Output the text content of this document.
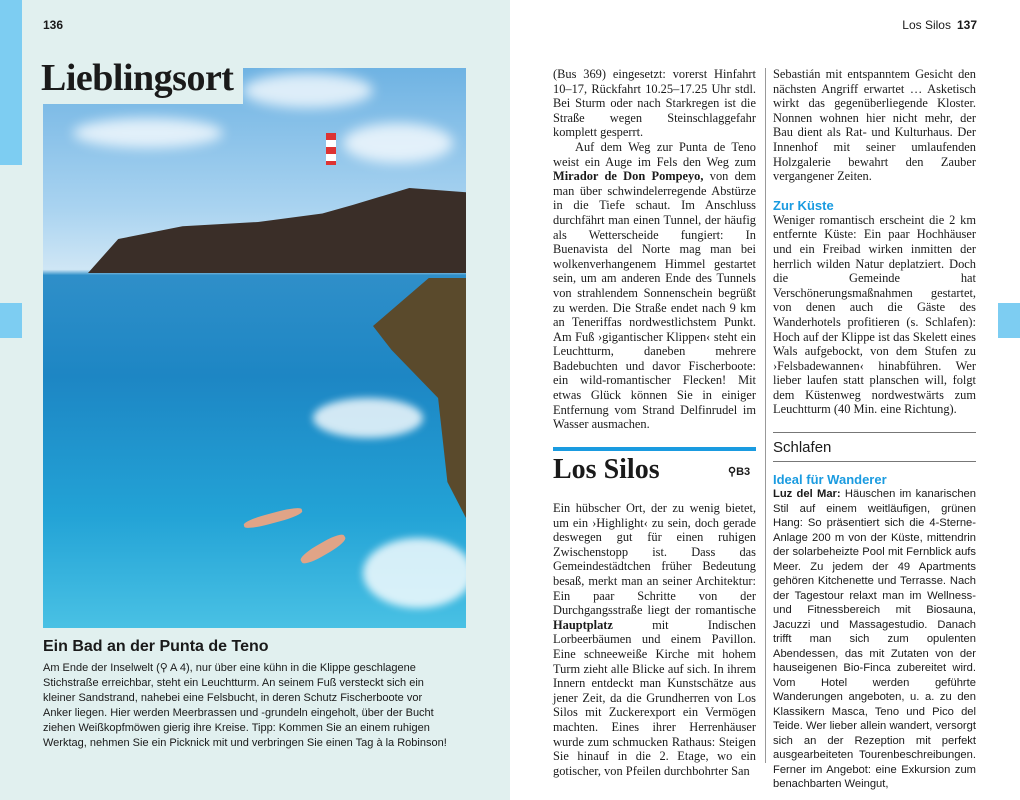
136
Lieblingsort
Ein Bad an der Punta de Teno
Am Ende der Inselwelt (⚲  A 4), nur über eine kühn in die Klippe geschlagene Stichstraße erreichbar, steht ein Leuchtturm. An seinem Fuß versteckt sich ein kleiner Sandstrand, nahebei eine Felsbucht, in deren Schutz Fischerboote vor Anker liegen. Hier werden Meerbrassen und -grundeln eingeholt, über der Bucht ziehen Weißkopfmöwen gierig ihre Kreise. Tipp: Kommen Sie an einem ruhigen Werktag, nehmen Sie ein Picknick mit und verbringen Sie einen Tag à la Robinson!
Los Silos 137

(Bus 369) eingesetzt: vorerst Hinfahrt 10–17, Rückfahrt 10.25–17.25 Uhr stdl. Bei Sturm oder nach Starkregen ist die Straße wegen Steinschlaggefahr komplett gesperrt.

Auf dem Weg zur Punta de Teno weist ein Auge im Fels den Weg zum Mirador de Don Pompeyo, von dem man über schwindelerregende Abstürze in die Tiefe schaut. Im Anschluss durchfährt man einen Tunnel, der häufig als Wetterscheide fungiert: In Buenavista del Norte mag man bei wolkenverhangenem Himmel gestartet sein, um am anderen Ende des Tunnels von strahlendem Sonnenschein begrüßt zu werden. Die Straße endet nach 9 km an Teneriffas nordwestlichstem Punkt. Am Fuß ›gigantischer Klippen‹ steht ein Leuchtturm, daneben mehrere Badebuchten und davor Fischerboote: ein wild-romantischer Flecken! Mit etwas Glück können Sie in einiger Entfernung vom Strand Delfinrudel im Wasser ausmachen.

Los Silos	⚲B3

Ein hübscher Ort, der zu wenig bietet, um ein ›Highlight‹ zu sein, doch gerade deswegen gut für einen ruhigen Zwischenstopp ist. Dass das Gemeindestädtchen früher Bedeutung besaß, merkt man an seiner Architektur: Ein paar Schritte von der Durchgangsstraße liegt der romantische Hauptplatz mit Indischen Lorbeerbäumen und einem Pavillon. Eine schneeweiße Kirche mit hohem Turm zieht alle Blicke auf sich. In ihrem Innern entdeckt man Kunstschätze aus jener Zeit, da die Grundherren von Los Silos mit Zuckerexport ein Vermögen machten. Eines ihrer Herrenhäuser wurde zum schmucken Rathaus: Steigen Sie hinauf in die 2. Etage, wo ein gotischer, von Pfeilen durchbohrter San

Sebastián mit entspanntem Gesicht den nächsten Angriff erwartet … Asketisch wirkt das gegenüberliegende Kloster. Nonnen wohnen hier nicht mehr, der Bau dient als Rat- und Kulturhaus. Der Innenhof mit seiner umlaufenden Holzgalerie bewahrt den Zauber vergangener Zeiten.

Zur Küste

Weniger romantisch erscheint die 2 km entfernte Küste: Ein paar Hochhäuser und ein Freibad wirken inmitten der herrlich wilden Natur deplatziert. Doch die Gemeinde hat Verschönerungsmaßnahmen gestartet, von denen auch die Gäste des Wanderhotels profitieren (s. Schlafen): Hoch auf der Klippe ist das Skelett eines Wals aufgebockt, von dem Stufen zu ›Felsbadewannen‹ hinabführen. Wer lieber laufen statt planschen will, folgt dem Küstenweg nordwestwärts zum Leuchtturm (40 Min. eine Richtung).

Schlafen

Ideal für Wanderer

Luz del Mar: Häuschen im kanarischen Stil auf einem weitläufigen, grünen Hang: So präsentiert sich die 4-Sterne-Anlage 200 m von der Küste, mittendrin der solarbeheizte Pool mit Fernblick aufs Meer. Zu jedem der 49 Apartments gehören Kitchenette und Terrasse. Nach der Tagestour relaxt man im Wellness- und Fitnessbereich mit Biosauna, Jacuzzi und Massagestudio. Danach trifft man sich zum opulenten Abendessen, das mit Zutaten von der hauseigenen Bio-Finca zubereitet wird. Vom Hotel werden geführte Wanderungen angeboten, u. a. zu den Klassikern Masca, Teno und Pico del Teide. Wer lieber allein wandert, versorgt sich an der Rezeption mit perfekt ausgearbeiteten Tourenbeschreibungen. Ferner im Angebot: eine Exkursion zum benachbarten Weingut,
